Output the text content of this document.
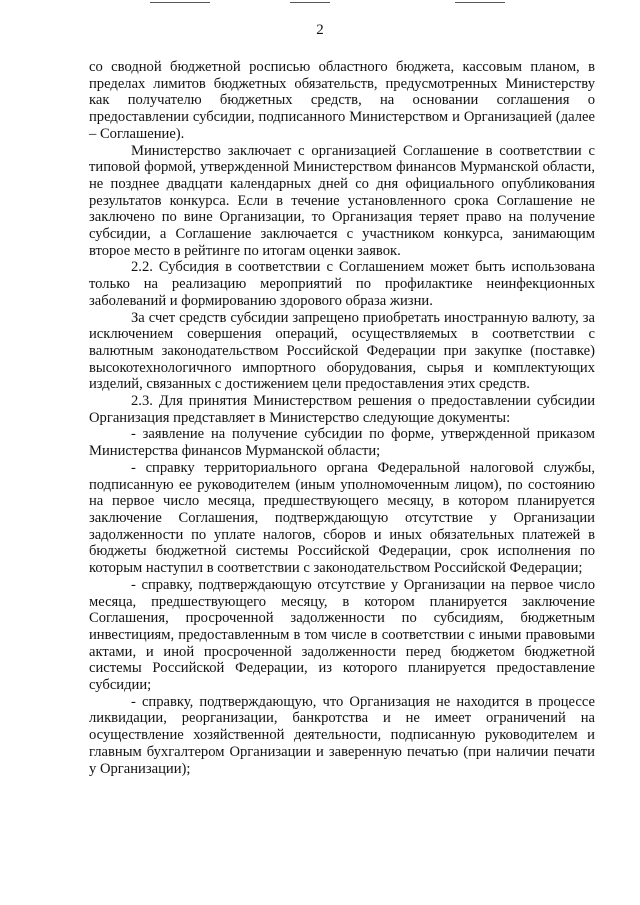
2

со сводной бюджетной росписью областного бюджета, кассовым планом, в пределах лимитов бюджетных обязательств, предусмотренных Министерству как получателю бюджетных средств, на основании соглашения о предоставлении субсидии, подписанного Министерством и Организацией (далее – Соглашение).

Министерство заключает с организацией Соглашение в соответствии с типовой формой, утвержденной Министерством финансов Мурманской области, не позднее двадцати календарных дней со дня официального опубликования результатов конкурса. Если в течение установленного срока Соглашение не заключено по вине Организации, то Организация теряет право на получение субсидии, а Соглашение заключается с участником конкурса, занимающим второе место в рейтинге по итогам оценки заявок.

2.2. Субсидия в соответствии с Соглашением может быть использована только на реализацию мероприятий по профилактике неинфекционных заболеваний и формированию здорового образа жизни.

За счет средств субсидии запрещено приобретать иностранную валюту, за исключением совершения операций, осуществляемых в соответствии с валютным законодательством Российской Федерации при закупке (поставке) высокотехнологичного импортного оборудования, сырья и комплектующих изделий, связанных с достижением цели предоставления этих средств.

2.3. Для принятия Министерством решения о предоставлении субсидии Организация представляет в Министерство следующие документы:

- заявление на получение субсидии по форме, утвержденной приказом Министерства финансов Мурманской области;

- справку территориального органа Федеральной налоговой службы, подписанную ее руководителем (иным уполномоченным лицом), по состоянию на первое число месяца, предшествующего месяцу, в котором планируется заключение Соглашения, подтверждающую отсутствие у Организации задолженности по уплате налогов, сборов и иных обязательных платежей в бюджеты бюджетной системы Российской Федерации, срок исполнения по которым наступил в соответствии с законодательством Российской Федерации;

- справку, подтверждающую отсутствие у Организации на первое число месяца, предшествующего месяцу, в котором планируется заключение Соглашения, просроченной задолженности по субсидиям, бюджетным инвестициям, предоставленным в том числе в соответствии с иными правовыми актами, и иной просроченной задолженности перед бюджетом бюджетной системы Российской Федерации, из которого планируется предоставление субсидии;

- справку, подтверждающую, что Организация не находится в процессе ликвидации, реорганизации, банкротства и не имеет ограничений на осуществление хозяйственной деятельности, подписанную руководителем и главным бухгалтером Организации и заверенную печатью (при наличии печати у Организации);
